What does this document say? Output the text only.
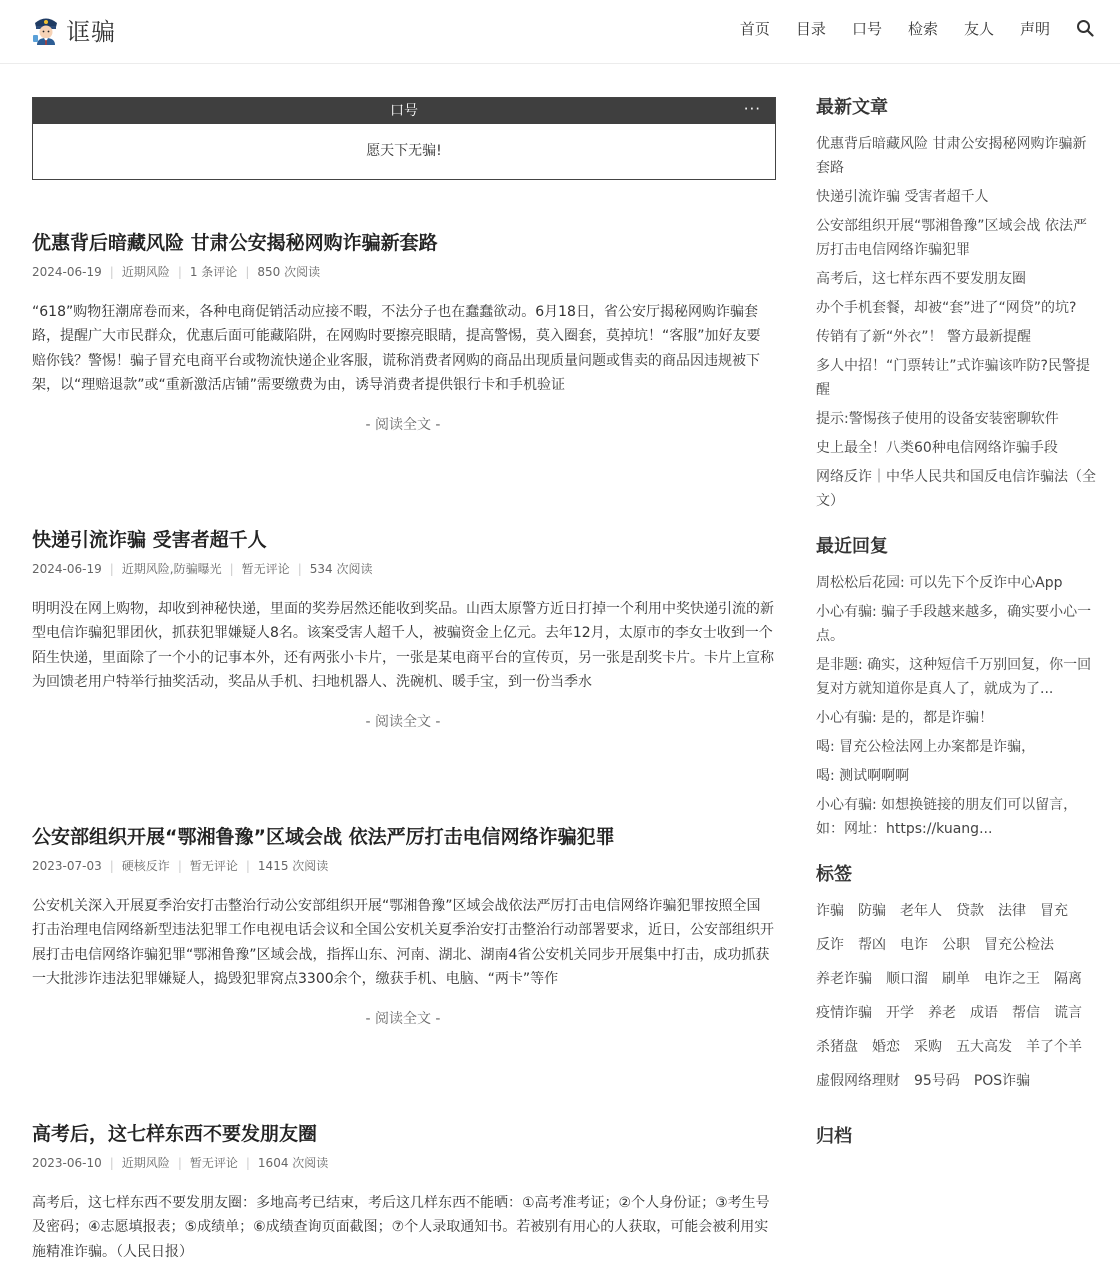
诓骗	首页 目录 口号 检索 友人 声明
口号	···
愿天下无骗!
优惠背后暗藏风险 甘肃公安揭秘网购诈骗新套路
2024-06-19 | 近期风险 | 1 条评论 | 850 次阅读
“618”购物狂潮席卷而来，各种电商促销活动应接不暇，不法分子也在蠢蠢欲动。6月18日，省公安厅揭秘网购诈骗套路，提醒广大市民群众，优惠后面可能藏陷阱，在网购时要擦亮眼睛，提高警惕，莫入圈套，莫掉坑！“客服”加好友要赔你钱？警惕！骗子冒充电商平台或物流快递企业客服，谎称消费者网购的商品出现质量问题或售卖的商品因违规被下架，以“理赔退款”或“重新激活店铺”需要缴费为由，诱导消费者提供银行卡和手机验证
- 阅读全文 -
快递引流诈骗 受害者超千人
2024-06-19 | 近期风险,防骗曝光 | 暂无评论 | 534 次阅读
明明没在网上购物，却收到神秘快递，里面的奖券居然还能收到奖品。山西太原警方近日打掉一个利用中奖快递引流的新型电信诈骗犯罪团伙，抓获犯罪嫌疑人8名。该案受害人超千人，被骗资金上亿元。去年12月，太原市的李女士收到一个陌生快递，里面除了一个小的记事本外，还有两张小卡片，一张是某电商平台的宣传页，另一张是刮奖卡片。卡片上宣称为回馈老用户特举行抽奖活动，奖品从手机、扫地机器人、洗碗机、暖手宝，到一份当季水
- 阅读全文 -
公安部组织开展“鄂湘鲁豫”区域会战 依法严厉打击电信网络诈骗犯罪
2023-07-03 | 硬核反诈 | 暂无评论 | 1415 次阅读
公安机关深入开展夏季治安打击整治行动公安部组织开展“鄂湘鲁豫”区域会战依法严厉打击电信网络诈骗犯罪按照全国打击治理电信网络新型违法犯罪工作电视电话会议和全国公安机关夏季治安打击整治行动部署要求，近日，公安部组织开展打击电信网络诈骗犯罪“鄂湘鲁豫”区域会战，指挥山东、河南、湖北、湖南4省公安机关同步开展集中打击，成功抓获一大批涉诈违法犯罪嫌疑人，捣毁犯罪窝点3300余个，缴获手机、电脑、“两卡”等作
- 阅读全文 -
高考后，这七样东西不要发朋友圈
2023-06-10 | 近期风险 | 暂无评论 | 1604 次阅读
高考后，这七样东西不要发朋友圈：多地高考已结束，考后这几样东西不能晒：①高考准考证；②个人身份证；③考生号及密码；④志愿填报表；⑤成绩单；⑥成绩查询页面截图；⑦个人录取通知书。若被别有用心的人获取，可能会被利用实施精准诈骗。（人民日报）
最新文章
优惠背后暗藏风险 甘肃公安揭秘网购诈骗新套路
快递引流诈骗 受害者超千人
公安部组织开展“鄂湘鲁豫”区域会战 依法严厉打击电信网络诈骗犯罪
高考后，这七样东西不要发朋友圈
办个手机套餐，却被“套”进了“网贷”的坑?
传销有了新“外衣”！ 警方最新提醒
多人中招！“门票转让”式诈骗该咋防?民警提醒
提示:警惕孩子使用的设备安装密聊软件
史上最全！八类60种电信网络诈骗手段
网络反诈｜中华人民共和国反电信诈骗法（全文）
最近回复
周松松后花园: 可以先下个反诈中心App
小心有骗: 骗子手段越来越多，确实要小心一点。
是非题: 确实，这种短信千万别回复，你一回复对方就知道你是真人了，就成为了...
小心有骗: 是的，都是诈骗！
喝: 冒充公检法网上办案都是诈骗，
喝: 测试啊啊啊
小心有骗: 如想换链接的朋友们可以留言，如：网址：https://kuang...
标签
诈骗 防骗 老年人 贷款 法律 冒充
反诈 帮凶 电诈 公职 冒充公检法
养老诈骗 顺口溜 刷单 电诈之王 隔离
疫情诈骗 开学 养老 成语 帮信 谎言
杀猪盘 婚恋 采购 五大高发 羊了个羊
虚假网络理财 95号码 POS诈骗
归档
